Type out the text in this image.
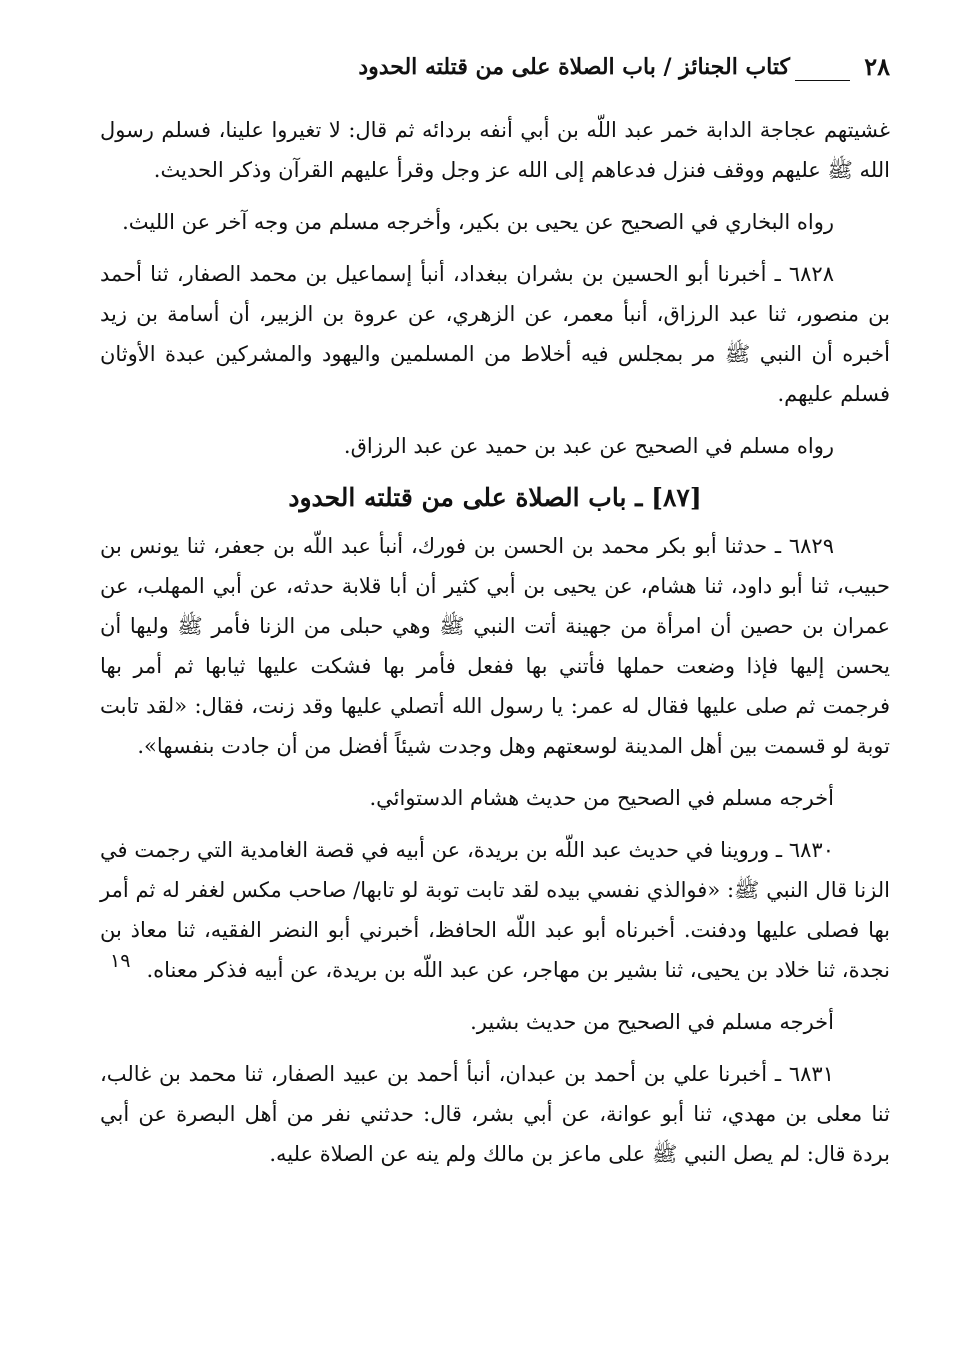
كتاب الجنائز / باب الصلاة على من قتلته الحدود	٢٨

غشيتهم عجاجة الدابة خمر عبد اللّه بن أبي أنفه بردائه ثم قال: لا تغيروا علينا، فسلم رسول الله ﷺ عليهم ووقف فنزل فدعاهم إلى الله عز وجل وقرأ عليهم القرآن وذكر الحديث.

رواه البخاري في الصحيح عن يحيى بن بكير، وأخرجه مسلم من وجه آخر عن الليث.

٦٨٢٨ ـ أخبرنا أبو الحسين بن بشران ببغداد، أنبأ إسماعيل بن محمد الصفار، ثنا أحمد بن منصور، ثنا عبد الرزاق، أنبأ معمر، عن الزهري، عن عروة بن الزبير، أن أسامة بن زيد أخبره أن النبي ﷺ مر بمجلس فيه أخلاط من المسلمين واليهود والمشركين عبدة الأوثان فسلم عليهم.

رواه مسلم في الصحيح عن عبد بن حميد عن عبد الرزاق.

[٨٧] ـ باب الصلاة على من قتلته الحدود

٦٨٢٩ ـ حدثنا أبو بكر محمد بن الحسن بن فورك، أنبأ عبد اللّه بن جعفر، ثنا يونس بن حبيب، ثنا أبو داود، ثنا هشام، عن يحيى بن أبي كثير أن أبا قلابة حدثه، عن أبي المهلب، عن عمران بن حصين أن امرأة من جهينة أتت النبي ﷺ وهي حبلى من الزنا فأمر ﷺ وليها أن يحسن إليها فإذا وضعت حملها فأتني بها ففعل فأمر بها فشكت عليها ثيابها ثم أمر بها فرجمت ثم صلى عليها فقال له عمر: يا رسول الله أتصلي عليها وقد زنت، فقال: «لقد تابت توبة لو قسمت بين أهل المدينة لوسعتهم وهل وجدت شيئاً أفضل من أن جادت بنفسها».

أخرجه مسلم في الصحيح من حديث هشام الدستوائي.

٦٨٣٠ ـ وروينا في حديث عبد اللّه بن بريدة، عن أبيه في قصة الغامدية التي رجمت في الزنا قال النبي ﷺ: «فوالذي نفسي بيده لقد تابت توبة لو تابها/ صاحب مكس لغفر له ثم أمر بها فصلى عليها ودفنت. أخبرناه أبو عبد اللّه الحافظ، أخبرني أبو النضر الفقيه، ثنا معاذ بن نجدة، ثنا خلاد بن يحيى، ثنا بشير بن مهاجر، عن عبد اللّه بن بريدة، عن أبيه فذكر معناه.

أخرجه مسلم في الصحيح من حديث بشير.

٦٨٣١ ـ أخبرنا علي بن أحمد بن عبدان، أنبأ أحمد بن عبيد الصفار، ثنا محمد بن غالب، ثنا معلى بن مهدي، ثنا أبو عوانة، عن أبي بشر، قال: حدثني نفر من أهل البصرة عن أبي بردة قال: لم يصل النبي ﷺ على ماعز بن مالك ولم ينه عن الصلاة عليه.

١٩
